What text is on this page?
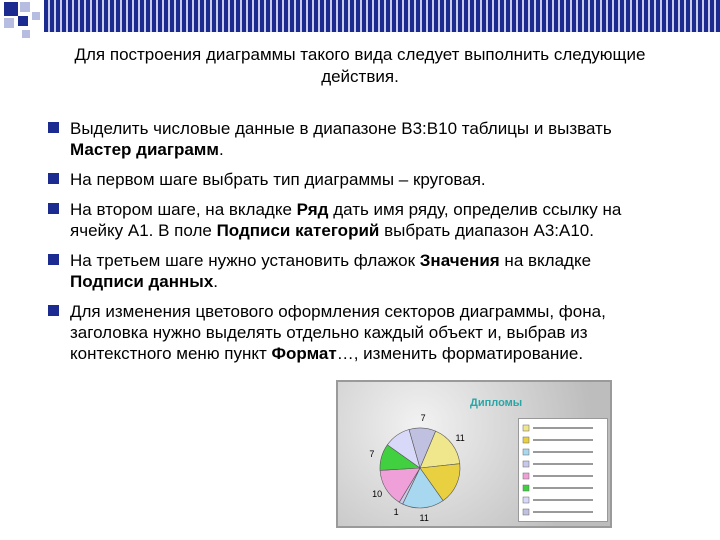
Для построения диаграммы такого вида следует выполнить следующие действия.
Выделить числовые данные в диапазоне В3:В10 таблицы и вызвать Мастер диаграмм.
На первом шаге выбрать тип диаграммы – круговая.
На втором шаге, на вкладке Ряд дать имя ряду, определив ссылку на ячейку А1. В поле Подписи категорий выбрать диапазон А3:А10.
На третьем шаге нужно установить флажок Значения на вкладке Подписи данных.
Для изменения цветового оформления секторов диаграммы, фона, заголовка нужно выделять отдельно каждый объект и, выбрав из контекстного меню пункт Формат…, изменить форматирование.
Дипломы
11
11
1
10
7
7
